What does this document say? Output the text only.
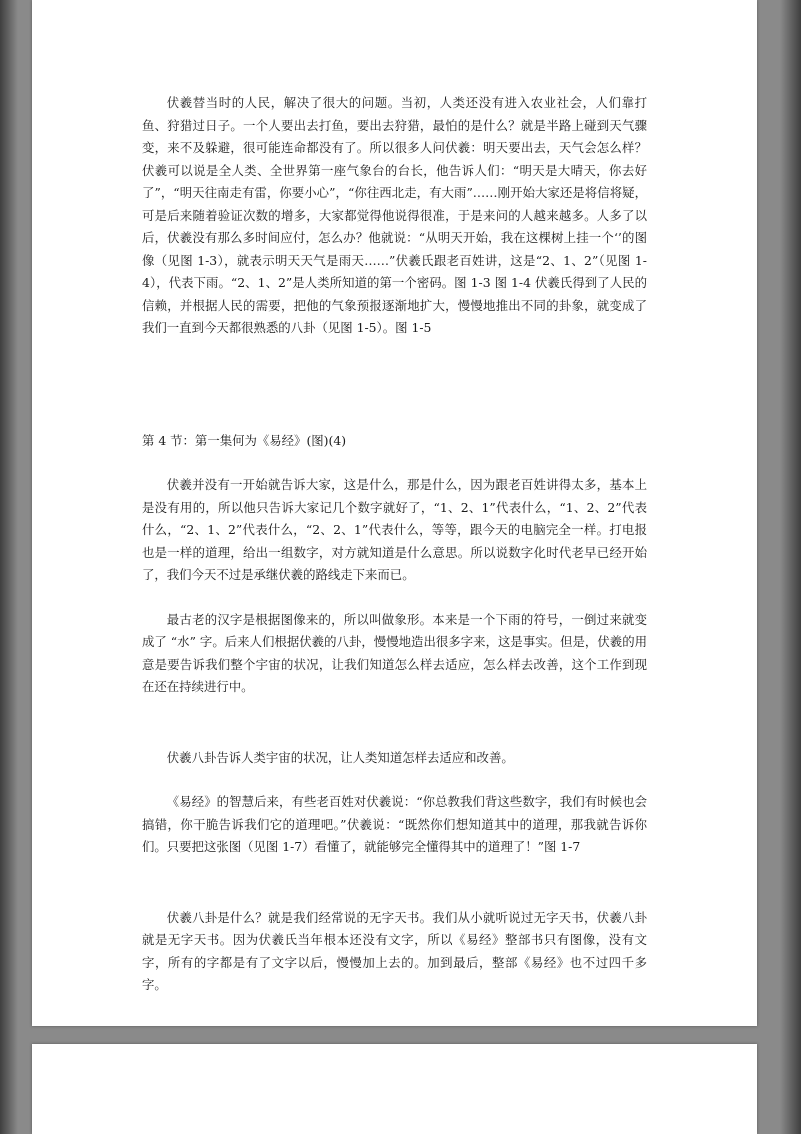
伏羲替当时的人民，解决了很大的问题。当初，人类还没有进入农业社会，人们靠打鱼、狩猎过日子。一个人要出去打鱼，要出去狩猎，最怕的是什么？就是半路上碰到天气骤变，来不及躲避，很可能连命都没有了。所以很多人问伏羲：明天要出去，天气会怎么样？伏羲可以说是全人类、全世界第一座气象台的台长，他告诉人们：“明天是大晴天，你去好了”，“明天往南走有雷，你要小心”，“你往西北走，有大雨”……刚开始大家还是将信将疑，可是后来随着验证次数的增多，大家都觉得他说得很准，于是来问的人越来越多。人多了以后，伏羲没有那么多时间应付，怎么办？他就说：“从明天开始，我在这棵树上挂一个‘’的图像（见图 1-3），就表示明天天气是雨天……”伏羲氏跟老百姓讲，这是“2、1、2”（见图 1-4），代表下雨。“2、1、2”是人类所知道的第一个密码。图 1-3 图 1-4 伏羲氏得到了人民的信赖，并根据人民的需要，把他的气象预报逐渐地扩大，慢慢地推出不同的卦象，就变成了我们一直到今天都很熟悉的八卦（见图 1-5）。图 1-5

第 4 节：第一集何为《易经》(图)(4)

伏羲并没有一开始就告诉大家，这是什么，那是什么，因为跟老百姓讲得太多，基本上是没有用的，所以他只告诉大家记几个数字就好了，“1、2、1”代表什么，“1、2、2”代表什么，“2、1、2”代表什么，“2、2、1”代表什么，等等，跟今天的电脑完全一样。打电报也是一样的道理，给出一组数字，对方就知道是什么意思。所以说数字化时代老早已经开始了，我们今天不过是承继伏羲的路线走下来而已。

最古老的汉字是根据图像来的，所以叫做象形。本来是一个下雨的符号，一倒过来就变成了 “水” 字。后来人们根据伏羲的八卦，慢慢地造出很多字来，这是事实。但是，伏羲的用意是要告诉我们整个宇宙的状况，让我们知道怎么样去适应，怎么样去改善，这个工作到现在还在持续进行中。

伏羲八卦告诉人类宇宙的状况，让人类知道怎样去适应和改善。

《易经》的智慧后来，有些老百姓对伏羲说：“你总教我们背这些数字，我们有时候也会搞错，你干脆告诉我们它的道理吧。”伏羲说：“既然你们想知道其中的道理，那我就告诉你们。只要把这张图（见图 1-7）看懂了，就能够完全懂得其中的道理了！”图 1-7

伏羲八卦是什么？就是我们经常说的无字天书。我们从小就听说过无字天书，伏羲八卦就是无字天书。因为伏羲氏当年根本还没有文字，所以《易经》整部书只有图像，没有文字，所有的字都是有了文字以后，慢慢加上去的。加到最后，整部《易经》也不过四千多字。
